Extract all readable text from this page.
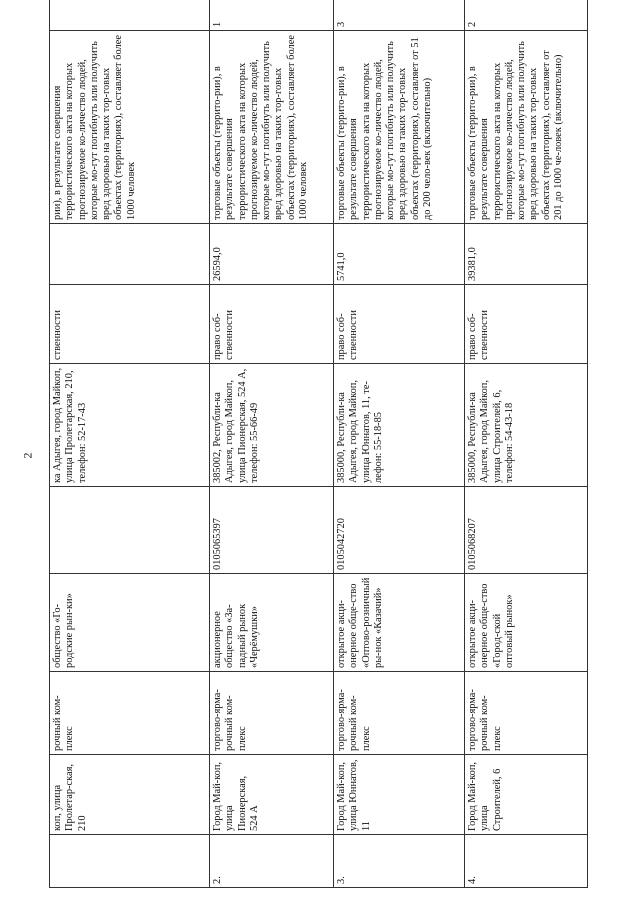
2
	коп, улица Пролетар-ская, 210	рочный ком-плекс	общество «Го-родские рын-ки»		ка Адыгея, город Майкоп, улица Пролетарская, 210, телефон: 52-17-43	ственности		рии), в результате совершения террористического акта на которых прогнозируемое ко-личество людей, которые мо-гут погибнуть или получить вред здоровью на таких тор-говых объектах (территориях), составляет более 1000 человек		
2.	Город Май-коп, улица Пионерская, 524 А	торгово-ярма-рочный ком-плекс	акционерное общество «За-падный рынок «Черёмушки»	0105065397	385002, Республи-ка Адыгея, город Майкоп, улица Пионерская, 524 А, телефон: 55-66-49	право соб-ственности	26594,0	торговые объекты (террито-рии), в результате совершения террористического акта на которых прогнозируемое ко-личество людей, которые мо-гут погибнуть или получить вред здоровью на таких тор-говых объектах (территориях), составляет более 1000 человек	1	
3.	Город Май-коп, улица Юннатов, 11	торгово-ярма-рочный ком-плекс	открытое акци-онерное обще-ство «Оптово-розничный ры-нок «Казачий»	0105042720	385000, Республи-ка Адыгея, город Майкоп, улица Юннатов, 11, те-лефон: 55-18-85	право соб-ственности	5741,0	торговые объекты (террито-рии), в результате совершения террористического акта на которых прогнозируемое ко-личество людей, которые мо-гут погибнуть или получить вред здоровью на таких тор-говых объектах (территориях), составляет от 51 до 200 чело-век (включительно)	3	
4.	Город Май-коп, улица Строителей, 6	торгово-ярма-рочный ком-плекс	открытое акци-онерное обще-ство «Город-ской оптовый рынок»	0105068207	385000, Республи-ка Адыгея, город Майкоп, улица Строителей, 6, телефон: 54-43-18	право соб-ственности	39381,0	торговые объекты (террито-рии), в результате совершения террористического акта на которых прогнозируемое ко-личество людей, которые мо-гут погибнуть или получить вред здоровью на таких тор-говых объектах (территориях), составляет от 201 до 1000 че-ловек (включительно)	2	
